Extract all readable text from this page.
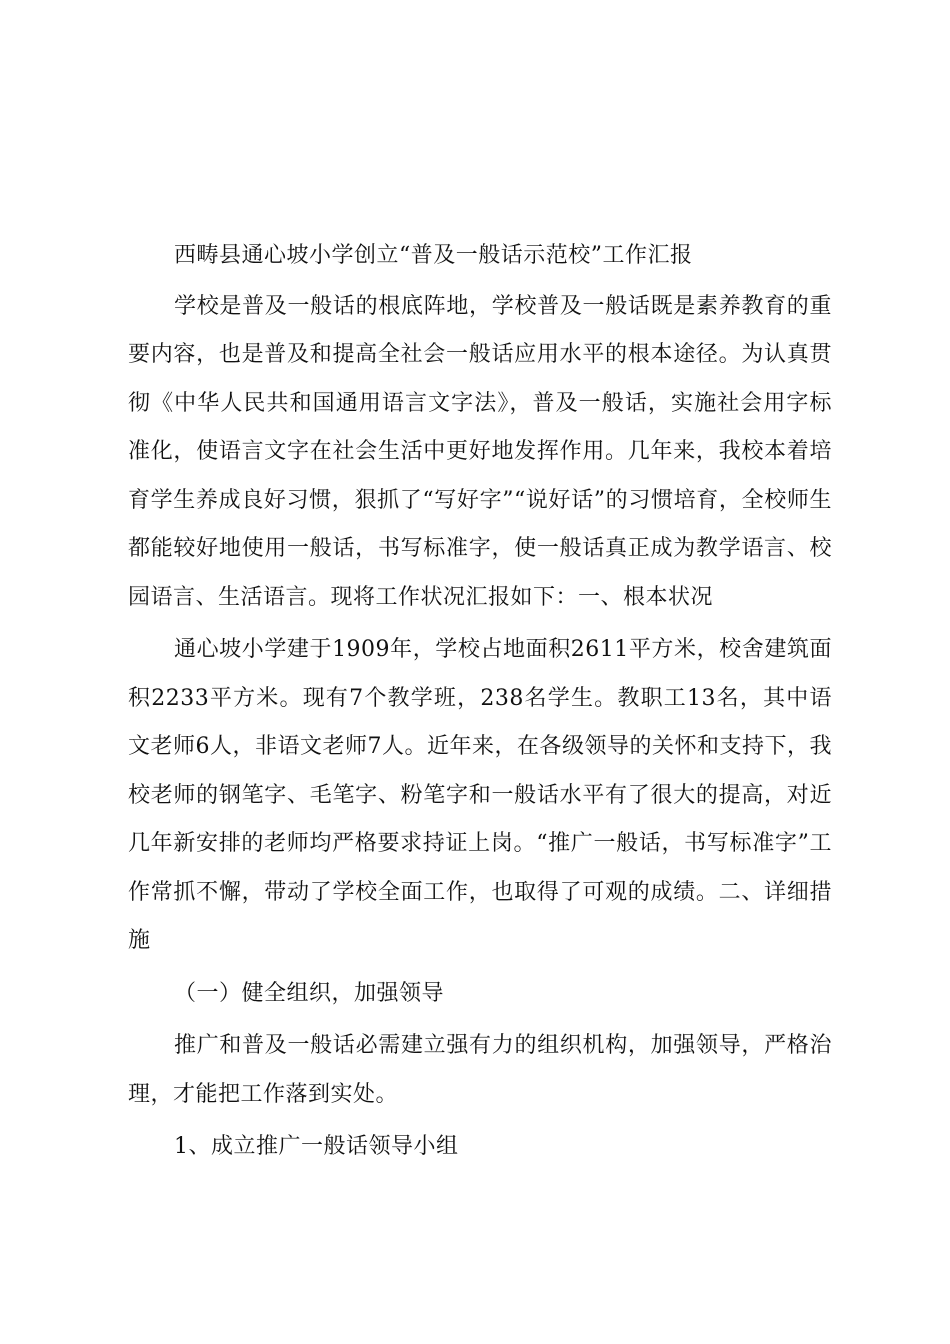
西畴县通心坡小学创立“普及一般话示范校”工作汇报

学校是普及一般话的根底阵地，学校普及一般话既是素养教育的重要内容，也是普及和提高全社会一般话应用水平的根本途径。为认真贯彻《中华人民共和国通用语言文字法》，普及一般话，实施社会用字标准化，使语言文字在社会生活中更好地发挥作用。几年来，我校本着培育学生养成良好习惯，狠抓了“写好字”“说好话”的习惯培育，全校师生都能较好地使用一般话，书写标准字，使一般话真正成为教学语言、校园语言、生活语言。现将工作状况汇报如下：一、根本状况

通心坡小学建于1909年，学校占地面积2611平方米，校舍建筑面积2233平方米。现有7个教学班，238名学生。教职工13名，其中语文老师6人，非语文老师7人。近年来，在各级领导的关怀和支持下，我校老师的钢笔字、毛笔字、粉笔字和一般话水平有了很大的提高，对近几年新安排的老师均严格要求持证上岗。“推广一般话，书写标准字”工作常抓不懈，带动了学校全面工作，也取得了可观的成绩。二、详细措施

（一）健全组织，加强领导

推广和普及一般话必需建立强有力的组织机构，加强领导，严格治理，才能把工作落到实处。

1、成立推广一般话领导小组
